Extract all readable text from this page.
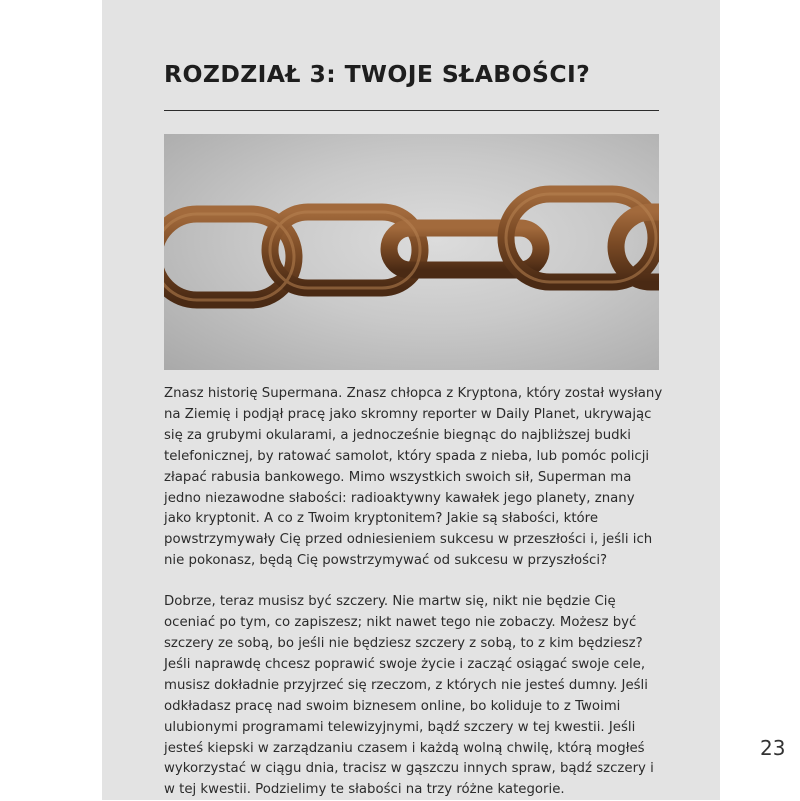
ROZDZIAŁ 3: TWOJE SŁABOŚCI?

Znasz historię Supermana. Znasz chłopca z Kryptona, który został wysłany na Ziemię i podjął pracę jako skromny reporter w Daily Planet, ukrywając się za grubymi okularami, a jednocześnie biegnąc do najbliższej budki telefonicznej, by ratować samolot, który spada z nieba, lub pomóc policji złapać rabusia bankowego. Mimo wszystkich swoich sił, Superman ma jedno niezawodne słabości: radioaktywny kawałek jego planety, znany jako kryptonit. A co z Twoim kryptonitem? Jakie są słabości, które powstrzymywały Cię przed odniesieniem sukcesu w przeszłości i, jeśli ich nie pokonasz, będą Cię powstrzymywać od sukcesu w przyszłości?

Dobrze, teraz musisz być szczery. Nie martw się, nikt nie będzie Cię oceniać po tym, co zapiszesz; nikt nawet tego nie zobaczy. Możesz być szczery ze sobą, bo jeśli nie będziesz szczery z sobą, to z kim będziesz? Jeśli naprawdę chcesz poprawić swoje życie i zacząć osiągać swoje cele, musisz dokładnie przyjrzeć się rzeczom, z których nie jesteś dumny. Jeśli odkładasz pracę nad swoim biznesem online, bo koliduje to z Twoimi ulubionymi programami telewizyjnymi, bądź szczery w tej kwestii. Jeśli jesteś kiepski w zarządzaniu czasem i każdą wolną chwilę, którą mogłeś wykorzystać w ciągu dnia, tracisz w gąszczu innych spraw, bądź szczery i w tej kwestii. Podzielimy te słabości na trzy różne kategorie.

23
